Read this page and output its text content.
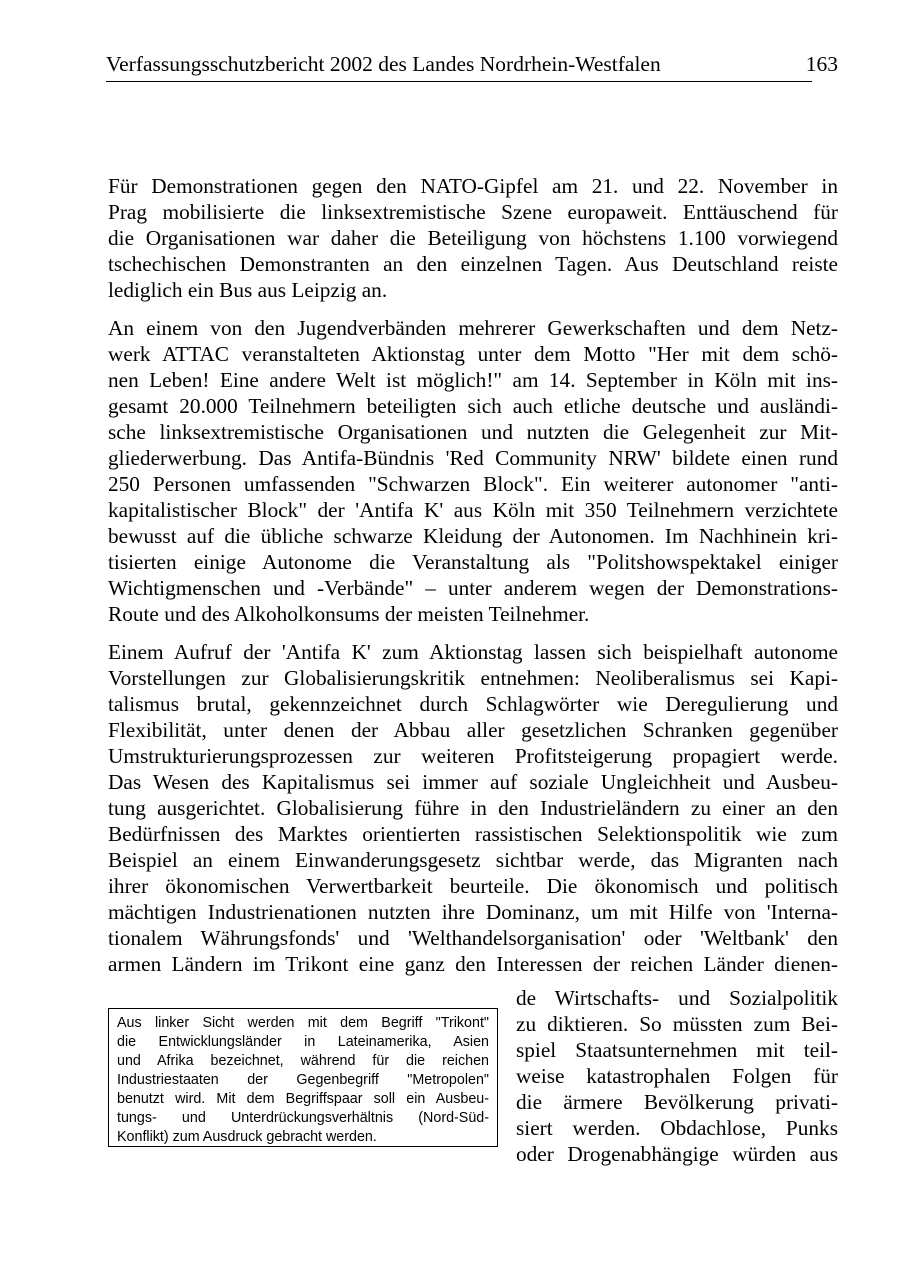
Verfassungsschutzbericht 2002 des Landes Nordrhein-Westfalen	163

Für Demonstrationen gegen den NATO-Gipfel am 21. und 22. November in
Prag mobilisierte die linksextremistische Szene europaweit. Enttäuschend für
die Organisationen war daher die Beteiligung von höchstens 1.100 vorwiegend
tschechischen Demonstranten an den einzelnen Tagen. Aus Deutschland reiste
lediglich ein Bus aus Leipzig an.

An einem von den Jugendverbänden mehrerer Gewerkschaften und dem Netz-
werk ATTAC veranstalteten Aktionstag unter dem Motto "Her mit dem schö-
nen Leben! Eine andere Welt ist möglich!" am 14. September in Köln mit ins-
gesamt 20.000 Teilnehmern beteiligten sich auch etliche deutsche und ausländi-
sche linksextremistische Organisationen und nutzten die Gelegenheit zur Mit-
gliederwerbung. Das Antifa-Bündnis 'Red Community NRW' bildete einen rund
250 Personen umfassenden "Schwarzen Block". Ein weiterer autonomer "anti-
kapitalistischer Block" der 'Antifa K' aus Köln mit 350 Teilnehmern verzichtete
bewusst auf die übliche schwarze Kleidung der Autonomen. Im Nachhinein kri-
tisierten einige Autonome die Veranstaltung als "Politshowspektakel einiger
Wichtigmenschen und -Verbände" – unter anderem wegen der Demonstrations-
Route und des Alkoholkonsums der meisten Teilnehmer.

Einem Aufruf der 'Antifa K' zum Aktionstag lassen sich beispielhaft autonome
Vorstellungen zur Globalisierungskritik entnehmen: Neoliberalismus sei Kapi-
talismus brutal, gekennzeichnet durch Schlagwörter wie Deregulierung und
Flexibilität, unter denen der Abbau aller gesetzlichen Schranken gegenüber
Umstrukturierungsprozessen zur weiteren Profitsteigerung propagiert werde.
Das Wesen des Kapitalismus sei immer auf soziale Ungleichheit und Ausbeu-
tung ausgerichtet. Globalisierung führe in den Industrieländern zu einer an den
Bedürfnissen des Marktes orientierten rassistischen Selektionspolitik wie zum
Beispiel an einem Einwanderungsgesetz sichtbar werde, das Migranten nach
ihrer ökonomischen Verwertbarkeit beurteile. Die ökonomisch und politisch
mächtigen Industrienationen nutzten ihre Dominanz, um mit Hilfe von 'Interna-
tionalem Währungsfonds' und 'Welthandelsorganisation' oder 'Weltbank' den
armen Ländern im Trikont eine ganz den Interessen der reichen Länder dienen-

de Wirtschafts- und Sozialpolitik
zu diktieren. So müssten zum Bei-
spiel Staatsunternehmen mit teil-
weise katastrophalen Folgen für
die ärmere Bevölkerung privati-
siert werden. Obdachlose, Punks
oder Drogenabhängige würden aus
Aus linker Sicht werden mit dem Begriff "Trikont"
die Entwicklungsländer in Lateinamerika, Asien
und Afrika bezeichnet, während für die reichen
Industriestaaten der Gegenbegriff "Metropolen"
benutzt wird. Mit dem Begriffspaar soll ein Ausbeu-
tungs- und Unterdrückungsverhältnis (Nord-Süd-
Konflikt) zum Ausdruck gebracht werden.
